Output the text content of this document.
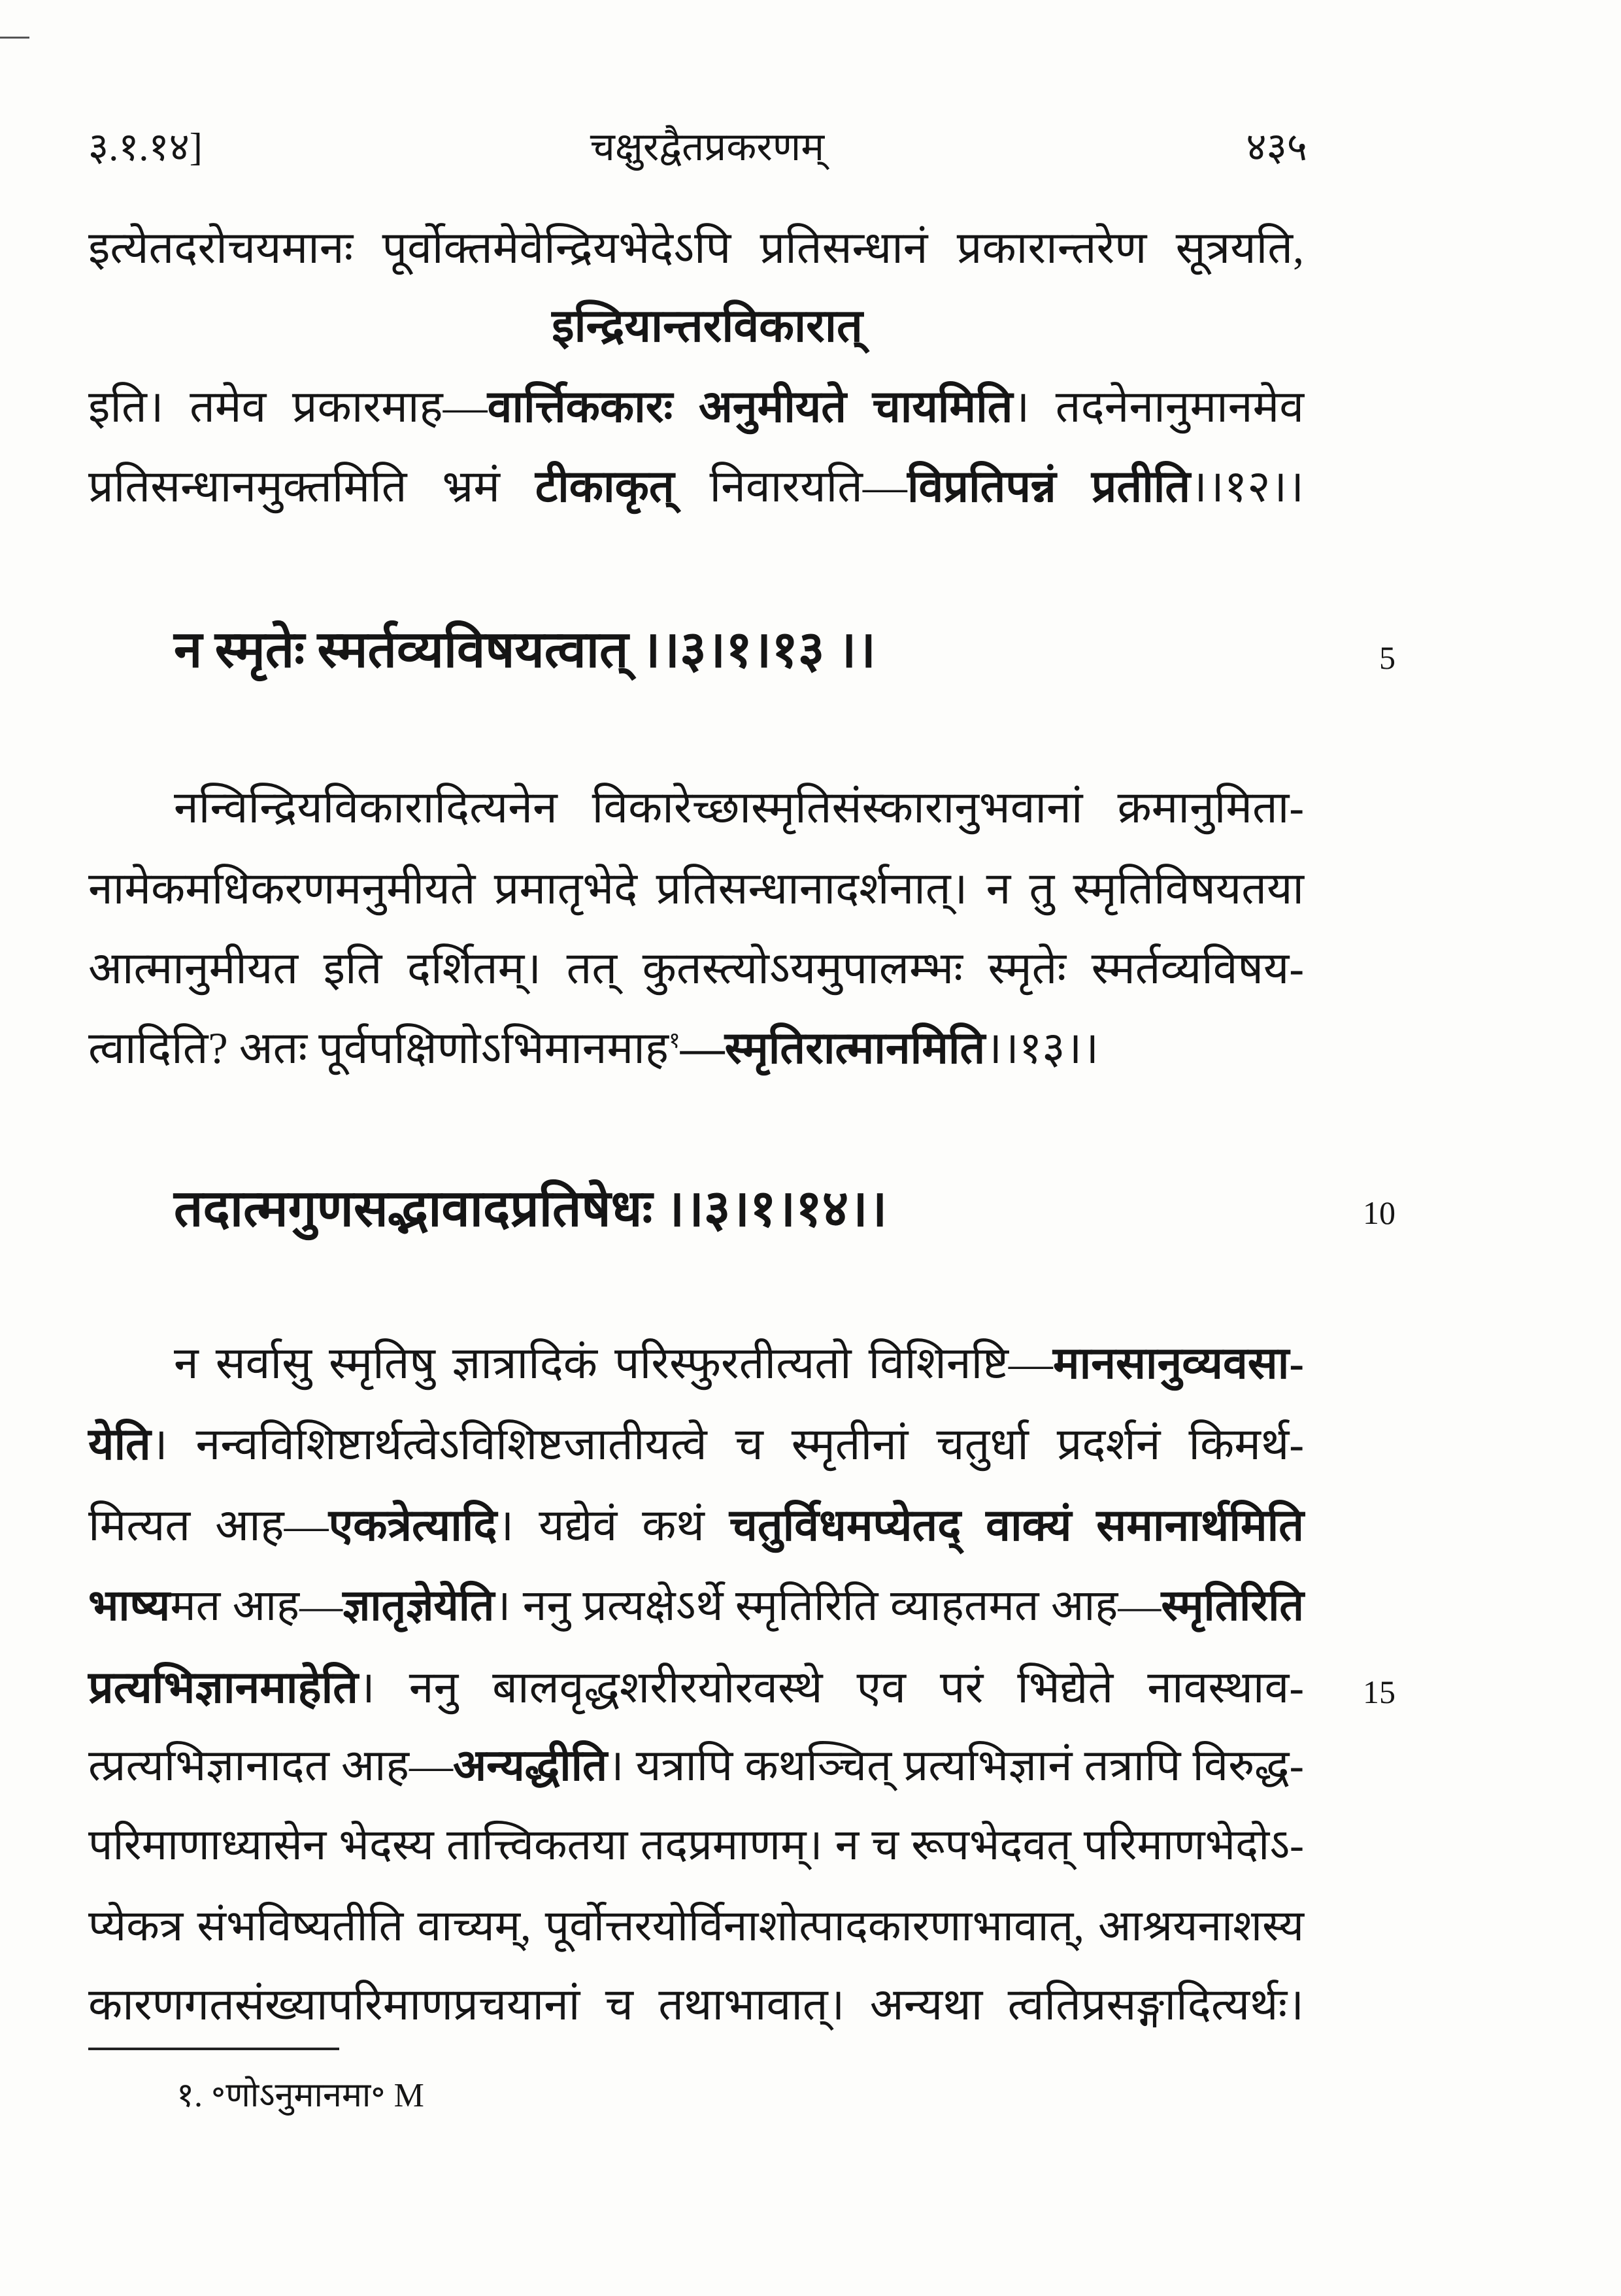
३.१.१४]	चक्षुरद्वैतप्रकरणम्	४३५
इत्येतदरोचयमानः पूर्वोक्तमेवेन्द्रियभेदेऽपि प्रतिसन्धानं प्रकारान्तरेण सूत्रयति,
इन्द्रियान्तरविकारात्
इति। तमेव प्रकारमाह—वार्त्तिककारः अनुमीयते चायमिति। तदनेनानुमानमेव
प्रतिसन्धानमुक्तमिति भ्रमं टीकाकृत् निवारयति—विप्रतिपन्नं प्रतीति।।१२।।
न स्मृतेः स्मर्तव्यविषयत्वात् ।।३।१।१३ ।।	5
नन्विन्द्रियविकारादित्यनेन विकारेच्छास्मृतिसंस्कारानुभवानां क्रमानुमिता-
नामेकमधिकरणमनुमीयते प्रमातृभेदे प्रतिसन्धानादर्शनात्। न तु स्मृतिविषयतया
आत्मानुमीयत इति दर्शितम्। तत् कुतस्त्योऽयमुपालम्भः स्मृतेः स्मर्तव्यविषय-
त्वादिति? अतः पूर्वपक्षिणोऽभिमानमाह$^१$—स्मृतिरात्मानमिति।।१३।।
तदात्मगुणसद्भावादप्रतिषेधः ।।३।१।१४।।	10
न सर्वासु स्मृतिषु ज्ञात्रादिकं परिस्फुरतीत्यतो विशिनष्टि—मानसानुव्यवसा-
येति। नन्वविशिष्टार्थत्वेऽविशिष्टजातीयत्वे च स्मृतीनां चतुर्धा प्रदर्शनं किमर्थ-
मित्यत आह—एकत्रेत्यादि। यद्येवं कथं चतुर्विधमप्येतद् वाक्यं समानार्थमिति
भाष्यमत आह—ज्ञातृज्ञेयेति। ननु प्रत्यक्षेऽर्थे स्मृतिरिति व्याहतमत आह—स्मृतिरिति
प्रत्यभिज्ञानमाहेति। ननु बालवृद्धशरीरयोरवस्थे एव परं भिद्येते नावस्थाव-
त्प्रत्यभिज्ञानादत आह—अन्यद्धीति। यत्रापि कथञ्चित् प्रत्यभिज्ञानं तत्रापि विरुद्ध-
परिमाणाध्यासेन भेदस्य तात्त्विकतया तदप्रमाणम्। न च रूपभेदवत् परिमाणभेदोऽ-
प्येकत्र संभविष्यतीति वाच्यम्, पूर्वोत्तरयोर्विनाशोत्पादकारणाभावात्, आश्रयनाशस्य
कारणगतसंख्यापरिमाणप्रचयानां च तथाभावात्। अन्यथा त्वतिप्रसङ्गादित्यर्थः।
15
१. ॰णोऽनुमानमा॰ M
